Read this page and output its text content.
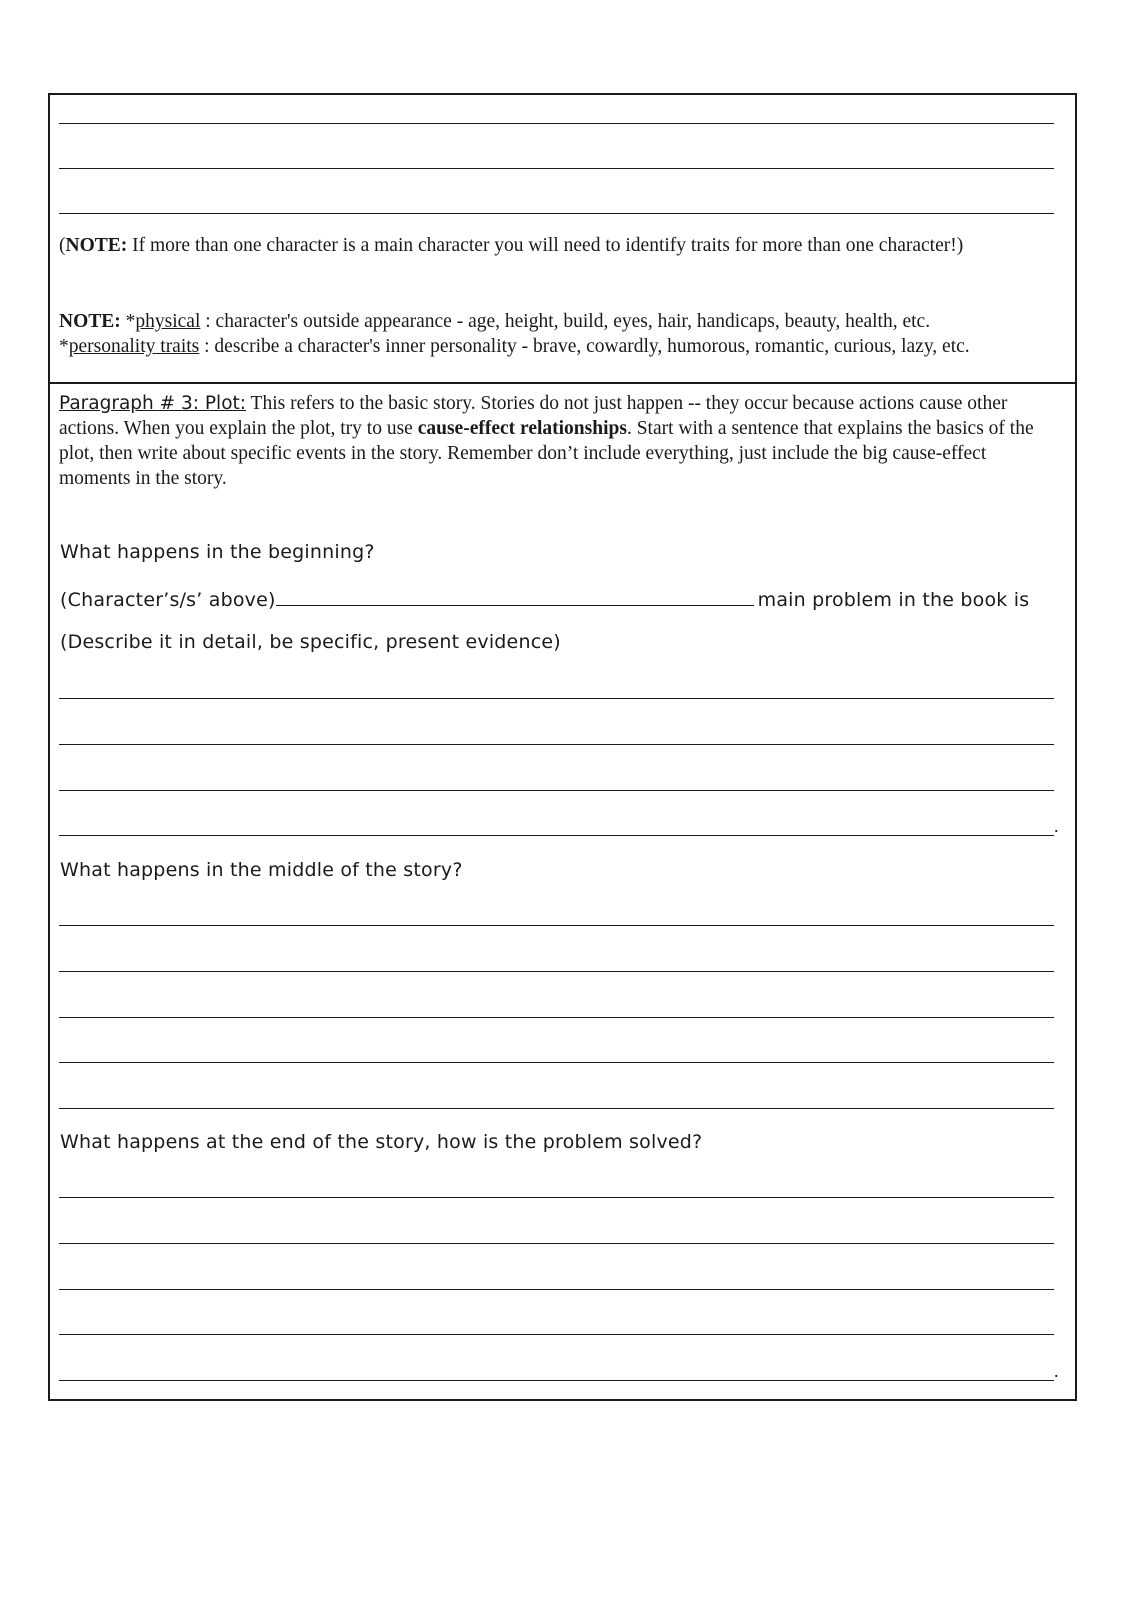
(NOTE: If more than one character is a main character you will need to identify traits for more than one character!)
NOTE: *physical : character's outside appearance - age, height, build, eyes, hair, handicaps, beauty, health, etc.
*personality traits : describe a character's inner personality - brave, cowardly, humorous, romantic, curious, lazy, etc.
Paragraph # 3: Plot: This refers to the basic story. Stories do not just happen -- they occur because actions cause other actions. When you explain the plot, try to use cause-effect relationships. Start with a sentence that explains the basics of the plot, then write about specific events in the story. Remember don’t include everything, just include the big cause-effect moments in the story.
What happens in the beginning?
(Character’s/s’ above)	main problem in the book is
(Describe it in detail, be specific, present evidence)
.
What happens in the middle of the story?
What happens at the end of the story, how is the problem solved?
.
